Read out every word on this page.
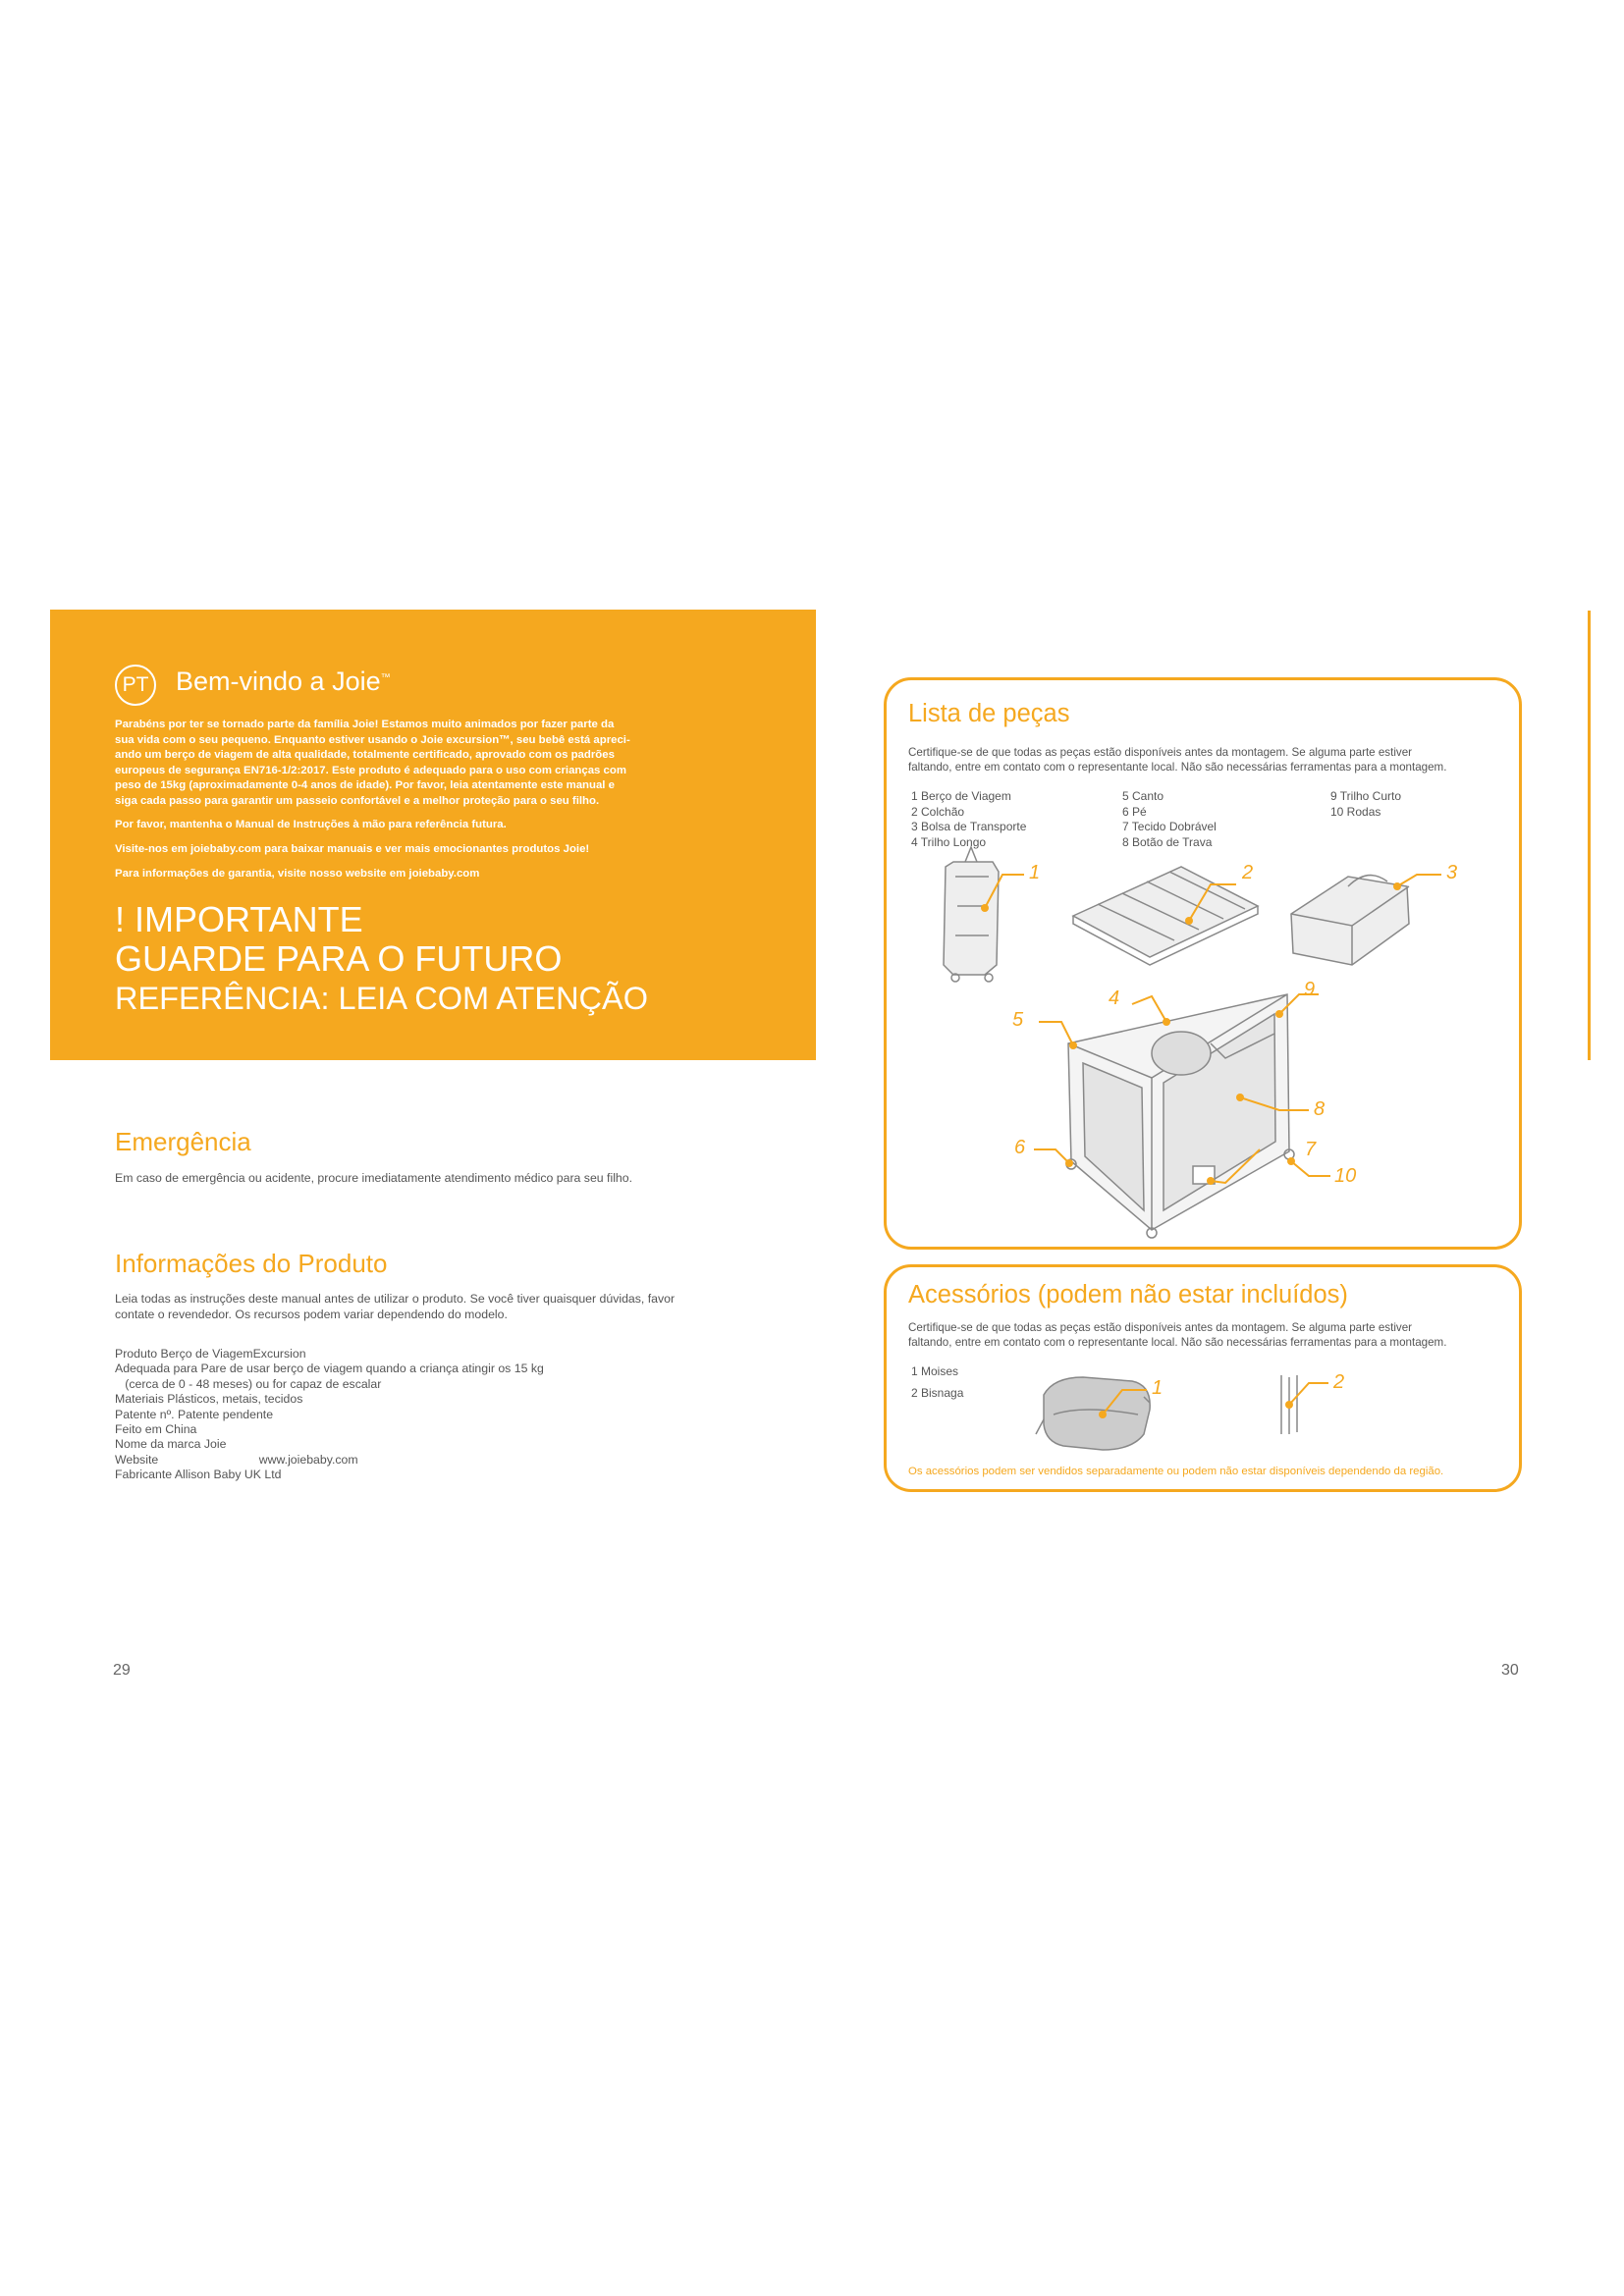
PT Bem-vindo a Joie™
Parabéns por ter se tornado parte da família Joie! Estamos muito animados por fazer parte da
sua vida com o seu pequeno. Enquanto estiver usando o Joie excursion™, seu bebê está apreci-
ando um berço de viagem de alta qualidade, totalmente certificado, aprovado com os padrões
europeus de segurança EN716-1/2:2017. Este produto é adequado para o uso com crianças com
peso de 15kg (aproximadamente 0-4 anos de idade). Por favor, leia atentamente este manual e
siga cada passo para garantir um passeio confortável e a melhor proteção para o seu filho.
Por favor, mantenha o Manual de Instruções à mão para referência futura.
Visite-nos em joiebaby.com para baixar manuais e ver mais emocionantes produtos Joie!
Para informações de garantia, visite nosso website em joiebaby.com
! IMPORTANTE
GUARDE PARA O FUTURO
REFERÊNCIA: LEIA COM ATENÇÃO
Emergência
Em caso de emergência ou acidente, procure imediatamente atendimento médico para seu filho.
Informações do Produto
Leia todas as instruções deste manual antes de utilizar o produto. Se você tiver quaisquer dúvidas, favor
contate o revendedor. Os recursos podem variar dependendo do modelo.
Produto Berço de ViagemExcursion
Adequada para Pare de usar berço de viagem quando a criança atingir os 15 kg
(cerca de 0 - 48 meses) ou for capaz de escalar
Materiais Plásticos, metais, tecidos
Patente nº. Patente pendente
Feito em China
Nome da marca Joie
Website                              www.joiebaby.com
Fabricante Allison Baby UK Ltd
29
Lista de peças
Certifique-se de que todas as peças estão disponíveis antes da montagem. Se alguma parte estiver
faltando, entre em contato com o representante local. Não são necessárias ferramentas para a montagem.
1 Berço de Viagem
2 Colchão
3 Bolsa de Transporte
4 Trilho Longo
5 Canto
6 Pé
7 Tecido Dobrável
8 Botão de Trava
9 Trilho Curto
10 Rodas
1	2	3
4
5
6	7
8
9
10
Acessórios (podem não estar incluídos)
Certifique-se de que todas as peças estão disponíveis antes da montagem. Se alguma parte estiver
faltando, entre em contato com o representante local. Não são necessárias ferramentas para a montagem.
1 Moises
2 Bisnaga	1	2
Os acessórios podem ser vendidos separadamente ou podem não estar disponíveis dependendo da região.
30
